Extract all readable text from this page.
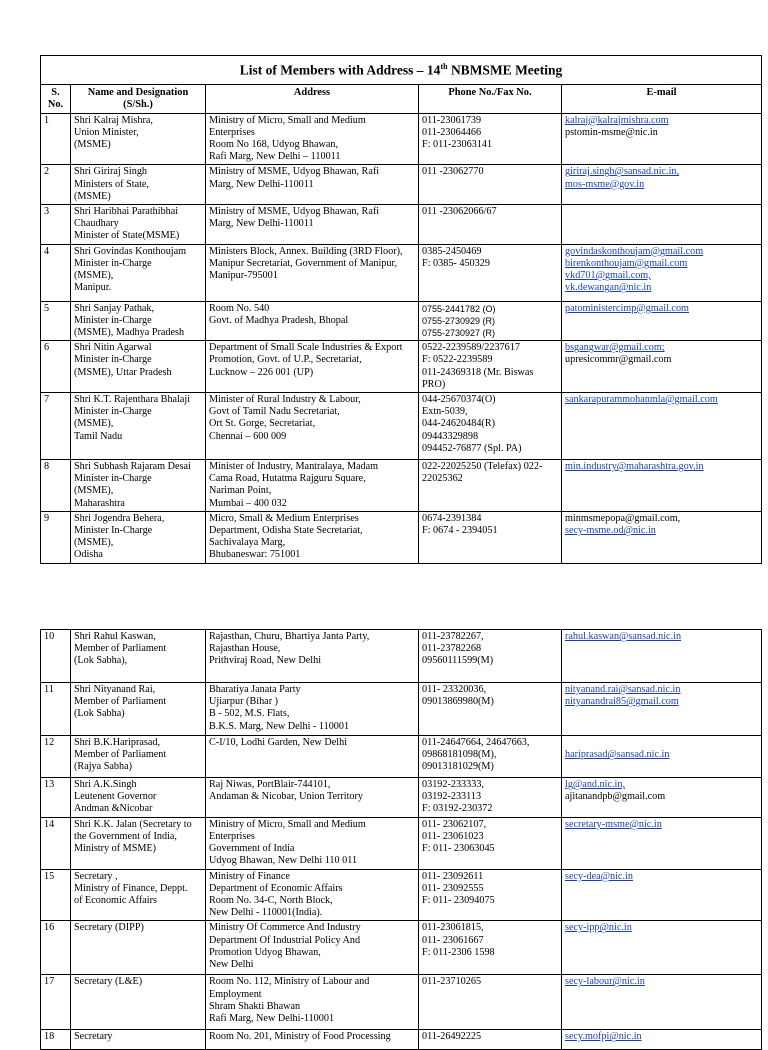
List of Members with Address – 14th NBMSME Meeting				
S. No.	Name and Designation (S/Sh.)	Address	Phone No./Fax No.	E-mail
1	Shri Kalraj Mishra,
Union Minister,
(MSME)	Ministry of Micro, Small and Medium
Enterprises
Room No 168, Udyog Bhawan,
Rafi Marg, New Delhi – 110011	011-23061739
011-23064466
F: 011-23063141	kalraj@kalrajmishra.com
pstomin-msme@nic.in

2	Shri Giriraj Singh
Ministers of State,
(MSME)	Ministry of MSME, Udyog Bhawan, Rafi
Marg, New Delhi-110011	011 -23062770	giriraj.singh@sansad.nic.in,
mos-msme@gov.in

3	Shri Haribhai Parathibhai
Chaudhary
Minister of State(MSME)	Ministry of MSME, Udyog Bhawan, Rafi
Marg, New Delhi-110011	011 -23062066/67	

4	Shri Govindas Konthoujam
Minister in-Charge
(MSME),
Manipur.	Ministers Block, Annex. Building (3RD Floor),
Manipur Secretariat, Government of Manipur,
Manipur-795001	0385-2450469
F: 0385- 450329	govindaskonthoujam@gmail.com
birenkonthoujam@gmail.com
vkd701@gmail.com,
vk.dewangan@nic.in

5	Shri Sanjay Pathak,
Minister in-Charge
(MSME), Madhya Pradesh	Room No. 540
Govt. of Madhya Pradesh, Bhopal	0755-2441782 (O)
0755-2730929 (R)
0755-2730927 (R)	patoministercimp@gmail.com

6	Shri Nitin Agarwal
Minister in-Charge
(MSME), Uttar Pradesh	Department of Small Scale Industries & Export
Promotion, Govt. of U.P., Secretariat,
Lucknow – 226 001 (UP)	0522-2239589/2237617
F: 0522-2239589
011-24369318 (Mr. Biswas
PRO)	bsgangwar@gmail.com;
upresicommr@gmail.com

7	Shri K.T. Rajenthara Bhalaji
Minister in-Charge
(MSME),
Tamil Nadu	Minister of Rural Industry & Labour,
Govt of Tamil Nadu Secretariat,
Ort St. Gorge, Secretariat,
Chennai – 600 009	044-25670374(O)
Extn-5039,
044-24620484(R)
09443329898
094452-76877 (Spl. PA)	sankarapurammohanmla@gmail.com

8	Shri Subhash Rajaram Desai
Minister in-Charge
(MSME),
Maharashtra	Minister of Industry, Mantralaya, Madam
Cama Road, Hutatma Rajguru Square,
Nariman Point,
Mumbai – 400 032	022-22025250 (Telefax) 022-
22025362	min.industry@maharashtra.gov.in

9	Shri Jogendra Behera,
Minister In-Charge
(MSME),
Odisha	Micro, Small & Medium Enterprises
Department, Odisha State Secretariat,
Sachivalaya Marg,
Bhubaneswar: 751001	0674-2391384
F: 0674 - 2394051	minmsmepopa@gmail.com,
secy-msme.od@nic.in
10	Shri Rahul Kaswan,
Member of Parliament
(Lok Sabha),	Rajasthan, Churu, Bhartiya Janta Party,
Rajasthan House,
Prithviraj Road, New Delhi	011-23782267,
011-23782268
09560111599(M)	rahul.kaswan@sansad.nic.in

11	Shri Nityanand Rai,
Member of Parliament
(Lok Sabha)	Bharatiya Janata Party
Ujiarpur (Bihar )
B - 502, M.S. Flats,
B.K.S. Marg, New Delhi - 110001	011- 23320036,
09013869980(M)	nityanand.rai@sansad.nic.in
nityanandrai85@gmail.com

12	Shri B.K.Hariprasad,
Member of Parliament
(Rajya Sabha)	C-I/10, Lodhi Garden, New Delhi	011-24647664, 24647663,
09868181098(M),
09013181029(M)	hariprasad@sansad.nic.in

13	Shri A.K.Singh
Leutenent Governor
Andman &Nicobar	Raj Niwas, PortBlair-744101,
Andaman & Nicobar, Union Territory	03192-233333,
03192-233113
F: 03192-230372	lg@and.nic.in,
ajitanandpb@gmail.com

14	Shri K.K. Jalan (Secretary to
the Government of India,
Ministry of MSME)	Ministry of Micro, Small and Medium
Enterprises
Government of India
Udyog Bhawan, New Delhi 110 011	011- 23062107,
011- 23061023
F: 011- 23063045	secretary-msme@nic.in

15	Secretary ,
Ministry of Finance, Deppt.
of Economic Affairs	Ministry of Finance
Department of Economic Affairs
Room No. 34-C, North Block,
New Delhi - 110001(India).	011- 23092611
011- 23092555
F: 011- 23094075	secy-dea@nic.in

16	Secretary (DIPP)	Ministry Of Commerce And Industry
Department Of Industrial Policy And
Promotion Udyog Bhawan,
New Delhi	011-23061815,
011- 23061667
F: 011-2306 1598	secy-ipp@nic.in

17	Secretary (L&E)	Room No. 112, Ministry of Labour and
Employment
Shram Shakti Bhawan
Rafi Marg, New Delhi-110001	011-23710265	secy-labour@nic.in

18	Secretary	Room No. 201, Ministry of Food Processing	011-26492225	secy.mofpi@nic.in
